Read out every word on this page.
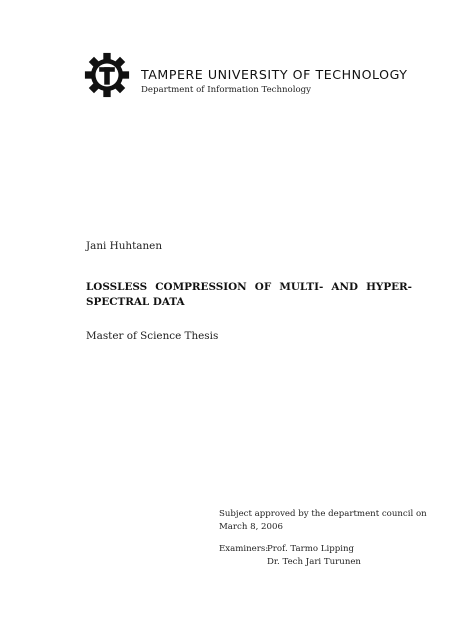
TAMPERE UNIVERSITY OF TECHNOLOGY
Department of Information Technology
Jani Huhtanen
LOSSLESS COMPRESSION OF MULTI- AND HYPER-
SPECTRAL DATA
Master of Science Thesis
Subject approved by the department council on
March 8, 2006
Examiners:
Prof. Tarmo Lipping
Dr. Tech Jari Turunen
